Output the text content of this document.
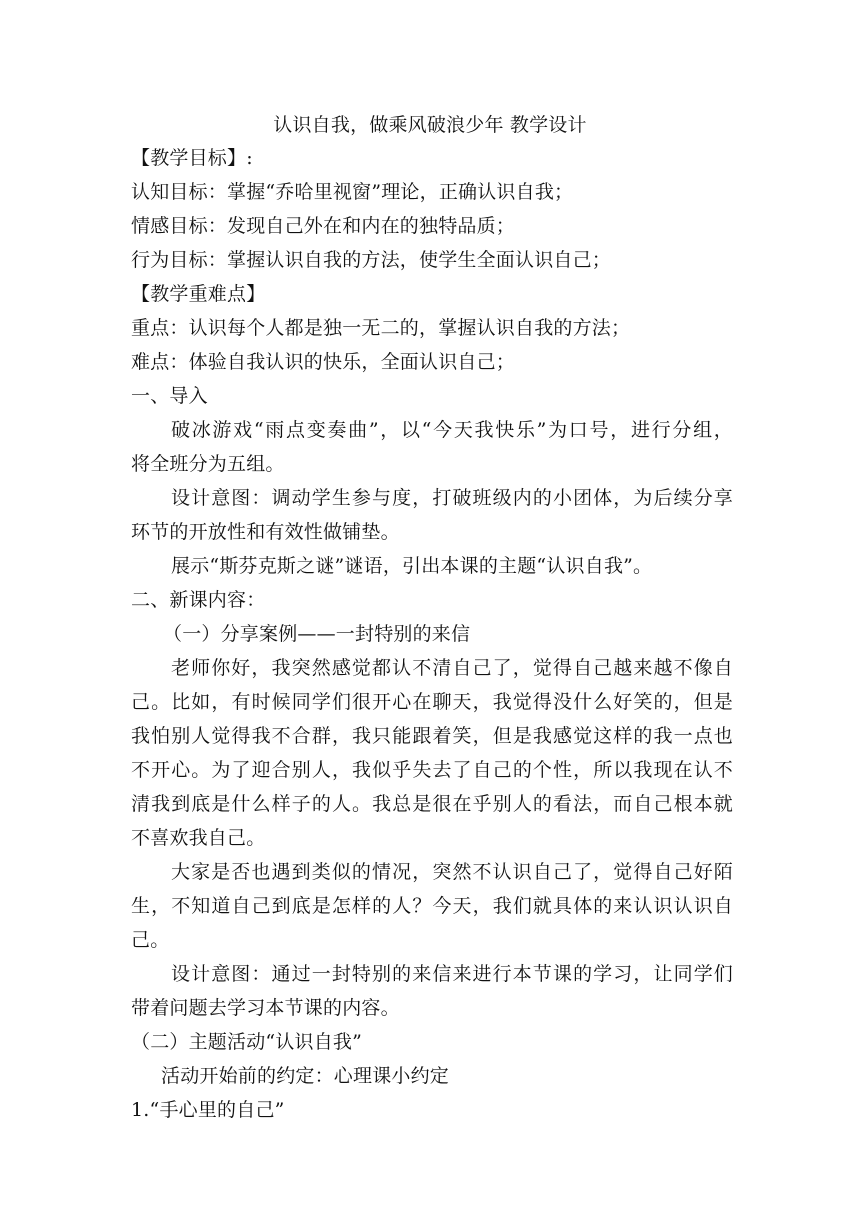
认识自我，做乘风破浪少年 教学设计
【教学目标】:
认知目标：掌握“乔哈里视窗”理论，正确认识自我；
情感目标：发现自己外在和内在的独特品质；
行为目标：掌握认识自我的方法，使学生全面认识自己；
【教学重难点】
重点：认识每个人都是独一无二的，掌握认识自我的方法；
难点：体验自我认识的快乐，全面认识自己；
一、导入
破冰游戏“雨点变奏曲”，以“今天我快乐”为口号，进行分组，
将全班分为五组。
设计意图：调动学生参与度，打破班级内的小团体，为后续分享
环节的开放性和有效性做铺垫。
展示“斯芬克斯之谜”谜语，引出本课的主题“认识自我”。
二、新课内容：
（一）分享案例——一封特别的来信
老师你好，我突然感觉都认不清自己了，觉得自己越来越不像自
己。比如，有时候同学们很开心在聊天，我觉得没什么好笑的，但是
我怕别人觉得我不合群，我只能跟着笑，但是我感觉这样的我一点也
不开心。为了迎合别人，我似乎失去了自己的个性，所以我现在认不
清我到底是什么样子的人。我总是很在乎别人的看法，而自己根本就
不喜欢我自己。
大家是否也遇到类似的情况，突然不认识自己了，觉得自己好陌
生，不知道自己到底是怎样的人？今天，我们就具体的来认识认识自
己。
设计意图：通过一封特别的来信来进行本节课的学习，让同学们
带着问题去学习本节课的内容。
（二）主题活动“认识自我”
活动开始前的约定：心理课小约定
1.“手心里的自己”
